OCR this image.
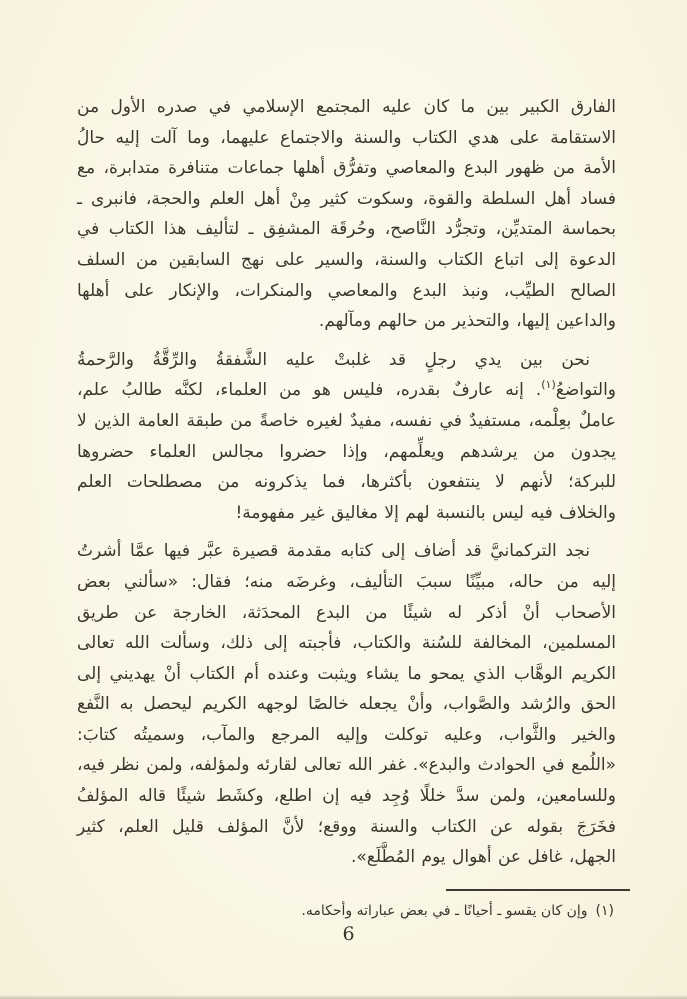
الفارق الكبير بين ما كان عليه المجتمع الإسلامي في صدره الأول من
الاستقامة على هدي الكتاب والسنة والاجتماع عليهما، وما آلت إليه حالُ
الأمة من ظهور البدع والمعاصي وتفرُّق أهلها جماعات متنافرة متدابرة، مع
فساد أهل السلطة والقوة، وسكوت كثير مِنْ أهل العلم والحجة، فانبرى ـ
بحماسة المتديِّن، وتجرُّد النَّاصح، وحُرقَة المشفِق ـ لتأليف هذا الكتاب في
الدعوة إلى اتباع الكتاب والسنة، والسير على نهج السابقين من السلف
الصالح الطيِّب، ونبذ البدع والمعاصي والمنكرات، والإنكار على أهلها
والداعين إليها، والتحذير من حالهم ومآلهم.
نحن بين يدي رجلٍ قد غلبتْ عليه الشَّفقةُ والرِّقَّةُ والرَّحمةُ
والتواضعُ$^{(١)}$. إنه عارفٌ بقدره، فليس هو من العلماء، لكنَّه طالبُ علم،
عاملٌ بعِلْمه، مستفيدٌ في نفسه، مفيدٌ لغيره خاصةً من طبقة العامة الذين لا
يجدون من يرشدهم ويعلِّمهم، وإذا حضروا مجالس العلماء حضروها
للبركة؛ لأنهم لا ينتفعون بأكثرها، فما يذكرونه من مصطلحات العلم
والخلاف فيه ليس بالنسبة لهم إلا مغاليق غير مفهومة!
نجد التركمانيَّ قد أضاف إلى كتابه مقدمة قصيرة عبَّر فيها عمَّا أشرتُ
إليه من حاله، مبيِّنًا سببَ التأليف، وغرضَه منه؛ فقال: «سألني بعض
الأصحاب أنْ أذكر له شيئًا من البدع المحدَثة، الخارجة عن طريق
المسلمين، المخالفة للسُنة والكتاب، فأجبته إلى ذلك، وسألت الله تعالى
الكريم الوهَّاب الذي يمحو ما يشاء ويثبت وعنده أم الكتاب أنْ يهديني إلى
الحق والرُشد والصَّواب، وأنْ يجعله خالصًا لوجهه الكريم ليحصل به النَّفع
والخير والثَّواب، وعليه توكلت وإليه المرجع والمآب، وسميتُه كتابَ:
«اللُمع في الحوادث والبدع». غفر الله تعالى لقارئه ولمؤلفه، ولمن نظر فيه،
وللسامعين، ولمن سدَّ خللًا وُجِد فيه إن اطلع، وكشَط شيئًا قاله المؤلفُ
فخَرَجَ بقوله عن الكتاب والسنة ووقع؛ لأنَّ المؤلف قليل العلم، كثير
الجهل، غافل عن أهوال يوم المُطَّلَع».
(١)وإن كان يقسو ـ أحيانًا ـ في بعض عباراته وأحكامه.
6
